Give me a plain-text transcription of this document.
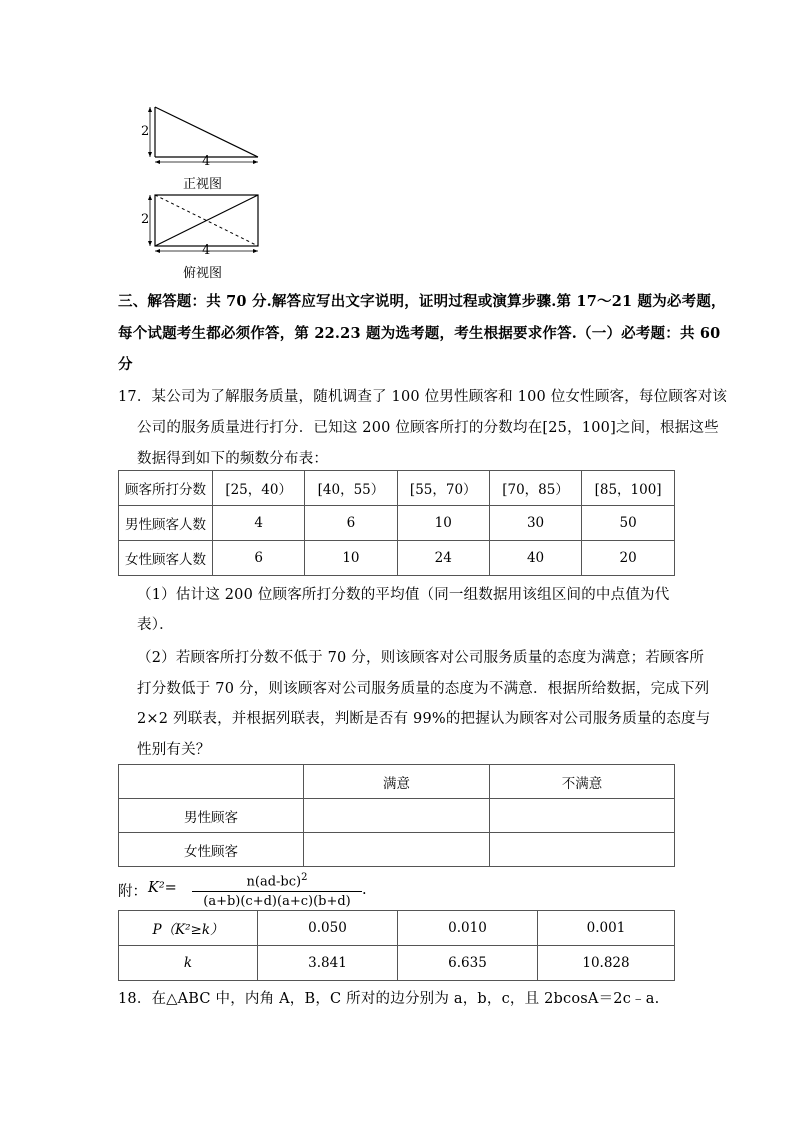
2
4
正视图
2
4
俯视图
三、解答题：共 70 分.解答应写出文字说明，证明过程或演算步骤.第 17～21 题为必考题，
每个试题考生都必须作答，第 22.23 题为选考题，考生根据要求作答.（一）必考题：共 60
分
17．某公司为了解服务质量，随机调查了 100 位男性顾客和 100 位女性顾客，每位顾客对该
公司的服务质量进行打分．已知这 200 位顾客所打的分数均在[25，100]之间，根据这些
数据得到如下的频数分布表：
顾客所打分数	[25，40）	[40，55）	[55，70）	[70，85）	[85，100]
男性顾客人数	4	6	10	30	50
女性顾客人数	6	10	24	40	20
（1）估计这 200 位顾客所打分数的平均值（同一组数据用该组区间的中点值为代
表）．
（2）若顾客所打分数不低于 70 分，则该顾客对公司服务质量的态度为满意；若顾客所
打分数低于 70 分，则该顾客对公司服务质量的态度为不满意．根据所给数据，完成下列
2×2 列联表，并根据列联表，判断是否有 99%的把握认为顾客对公司服务质量的态度与
性别有关？
	满意	不满意
男性顾客		
女性顾客		
附： K²=	$n(ad-bc)^2$
(a+b)(c+d)(a+c)(b+d)
.
P（K²≥k）	0.050	0.010	0.001
k	3.841	6.635	10.828
18．在△ABC 中，内角 A，B，C 所对的边分别为 a，b，c，且 2bcosA＝2c﹣a.
